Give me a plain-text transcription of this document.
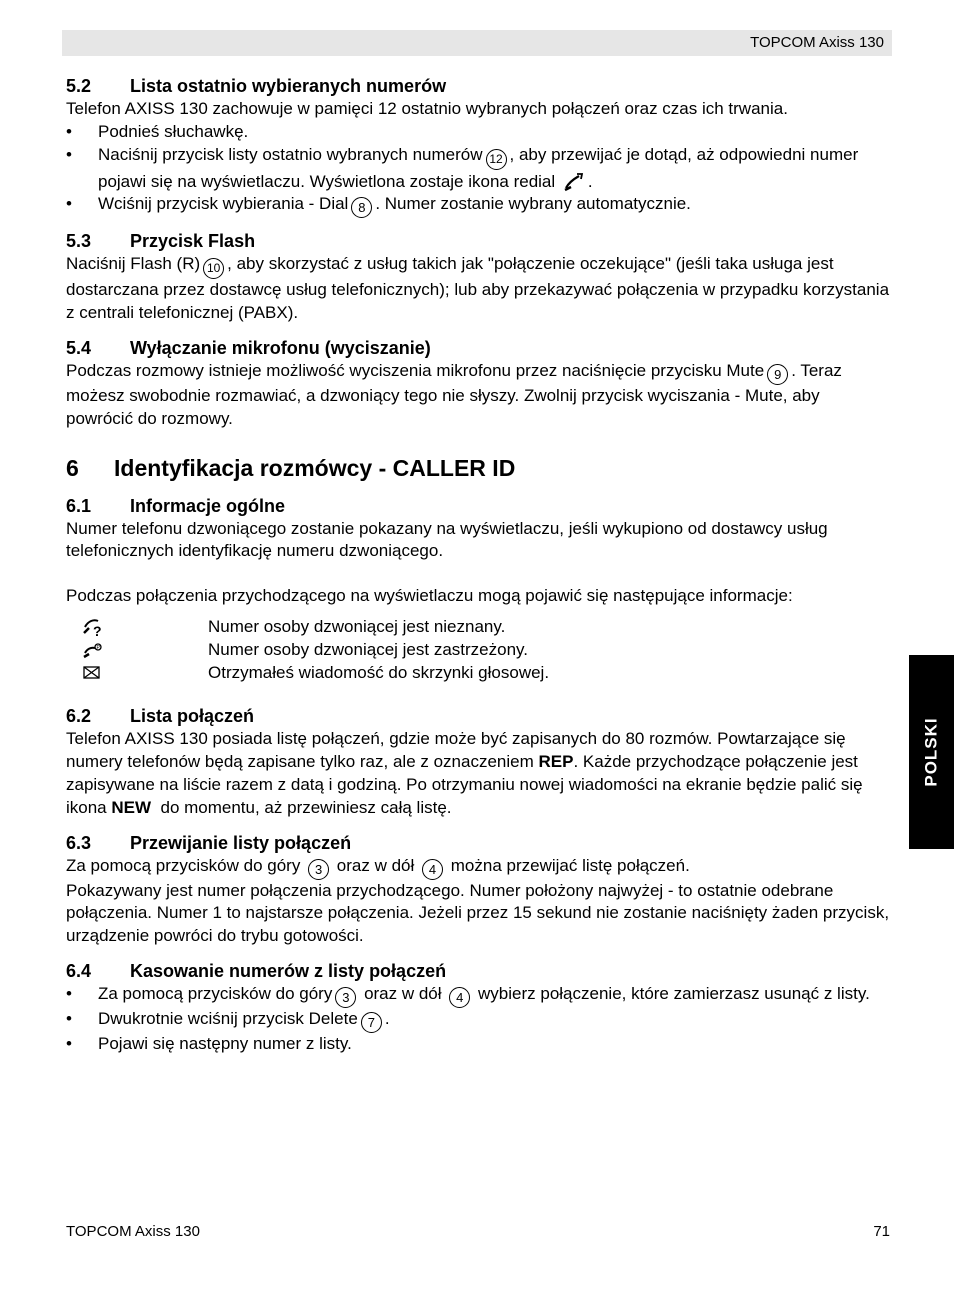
TOPCOM Axiss 130
5.2 Lista ostatnio wybieranych numerów

Telefon AXISS 130 zachowuje w pamięci 12 ostatnio wybranych połączeń oraz czas ich trwania.

• Podnieś słuchawkę.
• Naciśnij przycisk listy ostatnio wybranych numerów 12 , aby przewijać je dotąd, aż odpowiedni numer pojawi się na wyświetlaczu. Wyświetlona zostaje ikona redial .
• Wciśnij przycisk wybierania - Dial 8 . Numer zostanie wybrany automatycznie.
5.3 Przycisk Flash

Naciśnij Flash (R) 10 , aby skorzystać z usług takich jak "połączenie oczekujące" (jeśli taka usługa jest dostarczana przez dostawcę usług telefonicznych); lub aby przekazywać połączenia w przypadku korzystania z centrali telefonicznej (PABX).

5.4 Wyłączanie mikrofonu (wyciszanie)

Podczas rozmowy istnieje możliwość wyciszenia mikrofonu przez naciśnięcie przycisku Mute 9 . Teraz możesz swobodnie rozmawiać, a dzwoniący tego nie słyszy. Zwolnij przycisk wyciszania - Mute, aby powrócić do rozmowy.

6 Identyfikacja rozmówcy - CALLER ID
6.1 Informacje ogólne

Numer telefonu dzwoniącego zostanie pokazany na wyświetlaczu, jeśli wykupiono od dostawcy usług telefonicznych identyfikację numeru dzwoniącego.

Podczas połączenia przychodzącego na wyświetlaczu mogą pojawić się następujące informacje:

?	Numer osoby dzwoniącej jest nieznany.
P	Numer osoby dzwoniącej jest zastrzeżony.
Otrzymałeś wiadomość do skrzynki głosowej.
6.2 Lista połączeń

Telefon AXISS 130 posiada listę połączeń, gdzie może być zapisanych do 80 rozmów. Powtarzające się numery telefonów będą zapisane tylko raz, ale z oznaczeniem REP. Każde przychodzące połączenie jest zapisywane na liście razem z datą i godziną. Po otrzymaniu nowej wiadomości na ekranie będzie palić się ikona NEW  do momentu, aż przewiniesz całą listę.

6.3 Przewijanie listy połączeń

Za pomocą przycisków do góry 3 oraz w dół 4 można przewijać listę połączeń.

Pokazywany jest numer połączenia przychodzącego. Numer położony najwyżej - to ostatnie odebrane połączenia. Numer 1 to najstarsze połączenia. Jeżeli przez 15 sekund nie zostanie naciśnięty żaden przycisk, urządzenie powróci do trybu gotowości.

6.4 Kasowanie numerów z listy połączeń
• Za pomocą przycisków do góry 3 oraz w dół 4 wybierz połączenie, które zamierzasz usunąć z listy.
• Dwukrotnie wciśnij przycisk Delete 7 .
• Pojawi się następny numer z listy.
POLSKI
TOPCOM Axiss 130	71
